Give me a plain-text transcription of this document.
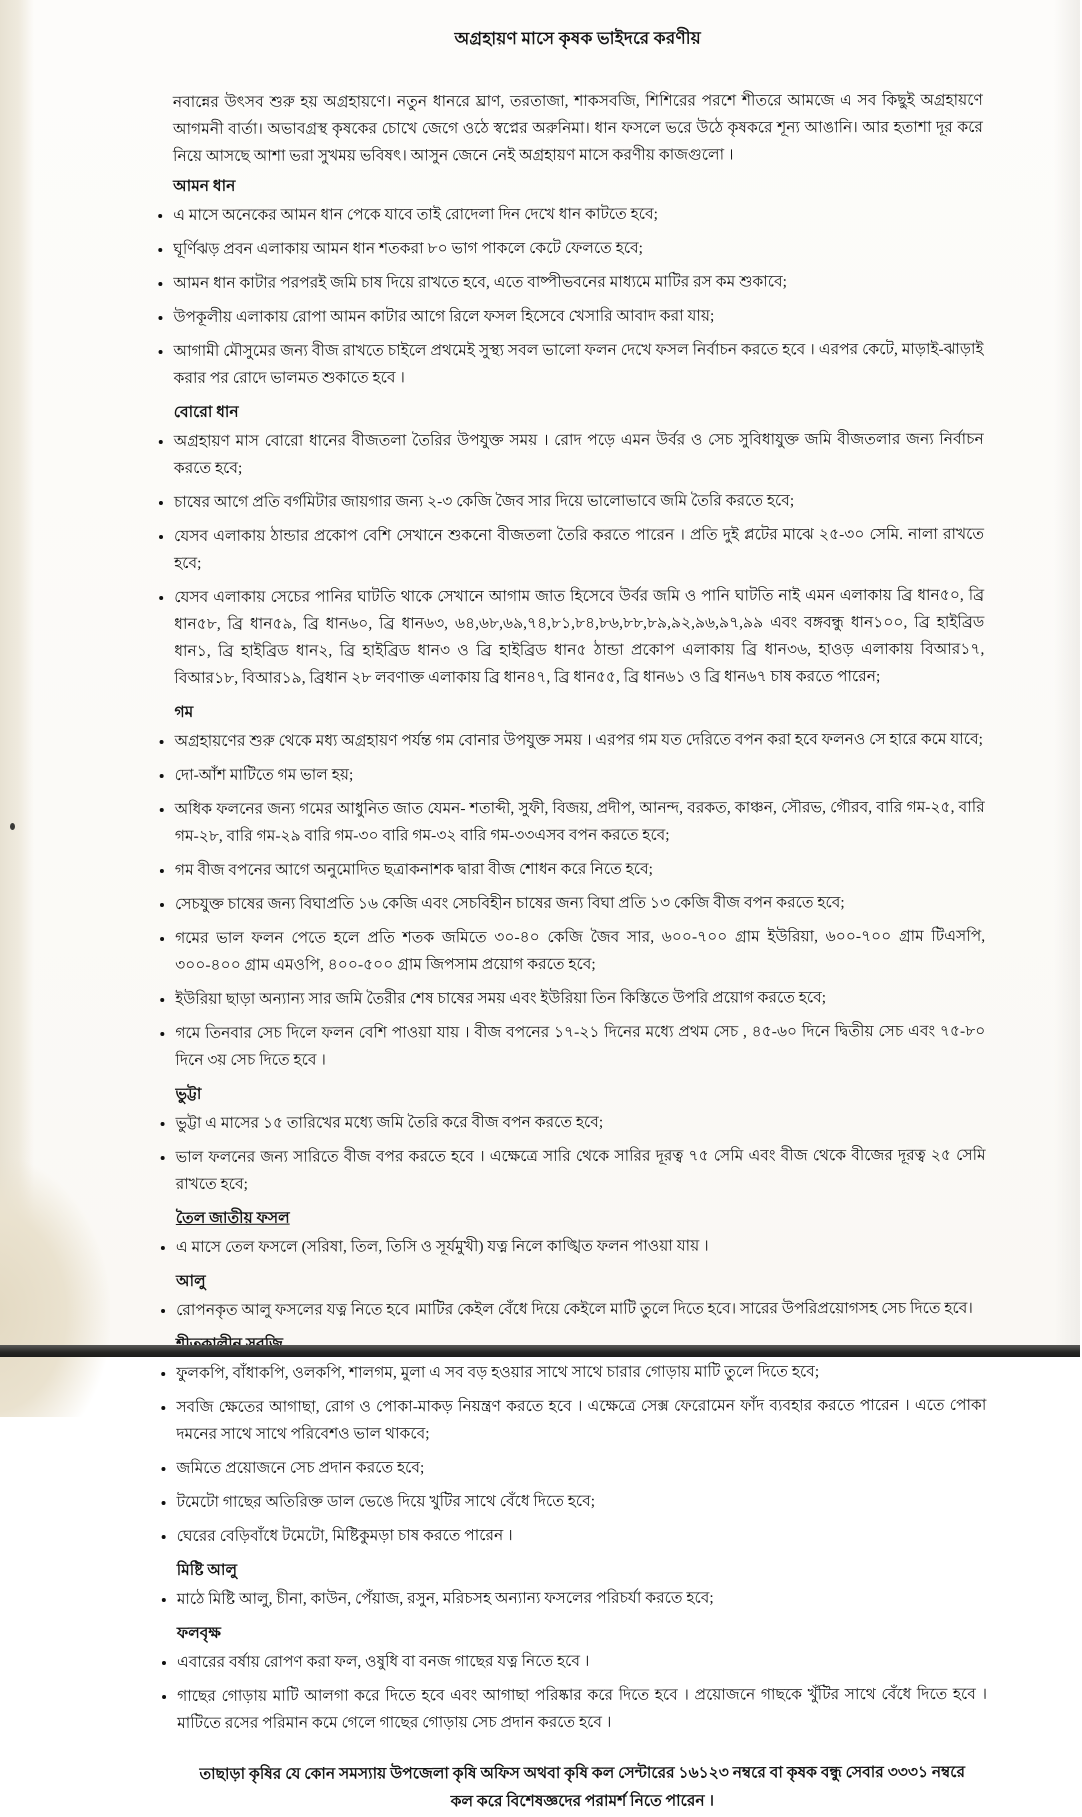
অগ্রহায়ণ মাসে কৃষক ভাইদরে করণীয়

নবান্নের উৎসব শুরু হয় অগ্রহায়ণে। নতুন ধানরে ঘ্রাণ, তরতাজা, শাকসবজি, শিশিরের পরশে শীতরে আমজে এ সব কিছুই অগ্রহায়ণে আগমনী বার্তা। অভাবগ্রস্থ কৃষকের চোখে জেগে ওঠে স্বপ্নের অরুনিমা। ধান ফসলে ভরে উঠে কৃষকরে শূন্য আঙানি। আর হতাশা দূর করে নিয়ে আসছে আশা ভরা সুখময় ভবিষৎ। আসুন জেনে নেই অগ্রহায়ণ মাসে করণীয় কাজগুলো ।

আমন ধান
• এ মাসে অনেকের আমন ধান পেকে যাবে তাই রোদেলা দিন দেখে ধান কাটতে হবে;
• ঘূর্ণিঝড় প্রবন এলাকায় আমন ধান শতকরা ৮০ ভাগ পাকলে কেটে ফেলতে হবে;
• আমন ধান কাটার পরপরই জমি চাষ দিয়ে রাখতে হবে, এতে বাষ্পীভবনের মাধ্যমে মাটির রস কম শুকাবে;
• উপকূলীয় এলাকায় রোপা আমন কাটার আগে রিলে ফসল হিসেবে খেসারি আবাদ করা যায়;
• আগামী মৌসুমের জন্য বীজ রাখতে চাইলে প্রথমেই সুস্থ্য সবল ভালো ফলন দেখে ফসল নির্বাচন করতে হবে । এরপর কেটে, মাড়াই-ঝাড়াই করার পর রোদে ভালমত শুকাতে হবে ।
বোরো ধান
• অগ্রহায়ণ মাস বোরো ধানের বীজতলা তৈরির উপযুক্ত সময় । রোদ পড়ে এমন উর্বর ও সেচ সুবিধাযুক্ত জমি বীজতলার জন্য নির্বাচন করতে হবে;
• চাষের আগে প্রতি বর্গমিটার জায়গার জন্য ২-৩ কেজি জৈব সার দিয়ে ভালোভাবে জমি তৈরি করতে হবে;
• যেসব এলাকায় ঠান্ডার প্রকোপ বেশি সেখানে শুকনো বীজতলা তৈরি করতে পারেন । প্রতি দুই প্লটের মাঝে ২৫-৩০ সেমি. নালা রাখতে হবে;
• যেসব এলাকায় সেচের পানির ঘাটতি থাকে সেখানে আগাম জাত হিসেবে উর্বর জমি ও পানি ঘাটতি নাই এমন এলাকায় ব্রি ধান৫০, ব্রি ধান৫৮, ব্রি ধান৫৯, ব্রি ধান৬০, ব্রি ধান৬৩, ৬৪,৬৮,৬৯,৭৪,৮১,৮৪,৮৬,৮৮,৮৯,৯২,৯৬,৯৭,৯৯ এবং বঙ্গবন্ধু ধান১০০, ব্রি হাইব্রিড ধান১, ব্রি হাইব্রিড ধান২, ব্রি হাইব্রিড ধান৩ ও ব্রি হাইব্রিড ধান৫ ঠান্ডা প্রকোপ এলাকায় ব্রি ধান৩৬, হাওড় এলাকায় বিআর১৭, বিআর১৮, বিআর১৯, ব্রিধান ২৮ লবণাক্ত এলাকায় ব্রি ধান৪৭, ব্রি ধান৫৫, ব্রি ধান৬১ ও ব্রি ধান৬৭ চাষ করতে পারেন;
গম
• অগ্রহায়ণের শুরু থেকে মধ্য অগ্রহায়ণ পর্যন্ত গম বোনার উপযুক্ত সময় । এরপর গম যত দেরিতে বপন করা হবে ফলনও সে হারে কমে যাবে;
• দো-আঁশ মাটিতে গম ভাল হয়;
• অধিক ফলনের জন্য গমের আধুনিত জাত যেমন- শতাব্দী, সুফী, বিজয়, প্রদীপ, আনন্দ, বরকত, কাঞ্চন, সৌরভ, গৌরব, বারি গম-২৫, বারি গম-২৮, বারি গম-২৯ বারি গম-৩০ বারি গম-৩২ বারি গম-৩৩এসব বপন করতে হবে;
• গম বীজ বপনের আগে অনুমোদিত ছত্রাকনাশক দ্বারা বীজ শোধন করে নিতে হবে;
• সেচযুক্ত চাষের জন্য বিঘাপ্রতি ১৬ কেজি এবং সেচবিহীন চাষের জন্য বিঘা প্রতি ১৩ কেজি বীজ বপন করতে হবে;
• গমের ভাল ফলন পেতে হলে প্রতি শতক জমিতে ৩০-৪০ কেজি জৈব সার, ৬০০-৭০০ গ্রাম ইউরিয়া, ৬০০-৭০০ গ্রাম টিএসপি, ৩০০-৪০০ গ্রাম এমওপি, ৪০০-৫০০ গ্রাম জিপসাম প্রয়োগ করতে হবে;
• ইউরিয়া ছাড়া অন্যান্য সার জমি তৈরীর শেষ চাষের সময় এবং ইউরিয়া তিন কিস্তিতে উপরি প্রয়োগ করতে হবে;
• গমে তিনবার সেচ দিলে ফলন বেশি পাওয়া যায় । বীজ বপনের ১৭-২১ দিনের মধ্যে প্রথম সেচ , ৪৫-৬০ দিনে দ্বিতীয় সেচ এবং ৭৫-৮০ দিনে ৩য় সেচ দিতে হবে ।
ভুট্টা
• ভুট্টা এ মাসের ১৫ তারিখের মধ্যে জমি তৈরি করে বীজ বপন করতে হবে;
• ভাল ফলনের জন্য সারিতে বীজ বপর করতে হবে । এক্ষেত্রে সারি থেকে সারির দূরত্ব ৭৫ সেমি এবং বীজ থেকে বীজের দূরত্ব ২৫ সেমি রাখতে হবে;
তৈল জাতীয় ফসল
• এ মাসে তেল ফসলে (সরিষা, তিল, তিসি ও সূর্যমুখী) যত্ন নিলে কাঙ্খিত ফলন পাওয়া যায় ।
আলু
• রোপনকৃত আলু ফসলের যত্ন নিতে হবে ।মাটির কেইল বেঁধে দিয়ে কেইলে মাটি তুলে দিতে হবে। সারের উপরিপ্রয়োগসহ সেচ দিতে হবে।
• ফুলকপি, বাঁধাকপি, ওলকপি, শালগম, মুলা এ সব বড় হওয়ার সাথে সাথে চারার গোড়ায় মাটি তুলে দিতে হবে;
• সবজি ক্ষেতের আগাছা, রোগ ও পোকা-মাকড় নিয়ন্ত্রণ করতে হবে । এক্ষেত্রে সেক্স ফেরোমেন ফাঁদ ব্যবহার করতে পারেন । এতে পোকা দমনের সাথে সাথে পরিবেশও ভাল থাকবে;
• জমিতে প্রয়োজনে সেচ প্রদান করতে হবে;
• টমেটো গাছের অতিরিক্ত ডাল ভেঙে দিয়ে খুটির সাথে বেঁধে দিতে হবে;
• ঘেরের বেড়িবাঁধে টমেটো, মিষ্টিকুমড়া চাষ করতে পারেন ।
মিষ্টি আলু
• মাঠে মিষ্টি আলু, চীনা, কাউন, পেঁয়াজ, রসুন, মরিচসহ অন্যান্য ফসলের পরিচর্যা করতে হবে;
ফলবৃক্ষ
• এবারের বর্ষায় রোপণ করা ফল, ওষুধি বা বনজ গাছের যত্ন নিতে হবে ।
• গাছের গোড়ায় মাটি আলগা করে দিতে হবে এবং আগাছা পরিষ্কার করে দিতে হবে । প্রয়োজনে গাছকে খুঁটির সাথে বেঁধে দিতে হবে । মাটিতে রসের পরিমান কমে গেলে গাছের গোড়ায় সেচ প্রদান করতে হবে ।

তাছাড়া কৃষির যে কোন সমস্যায় উপজেলা কৃষি অফিস অথবা কৃষি কল সেন্টারের ১৬১২৩ নম্বরে বা কৃষক বন্ধু সেবার ৩৩৩১ নম্বরে কল করে বিশেষজ্ঞদের পরামর্শ নিতে পারেন ।
